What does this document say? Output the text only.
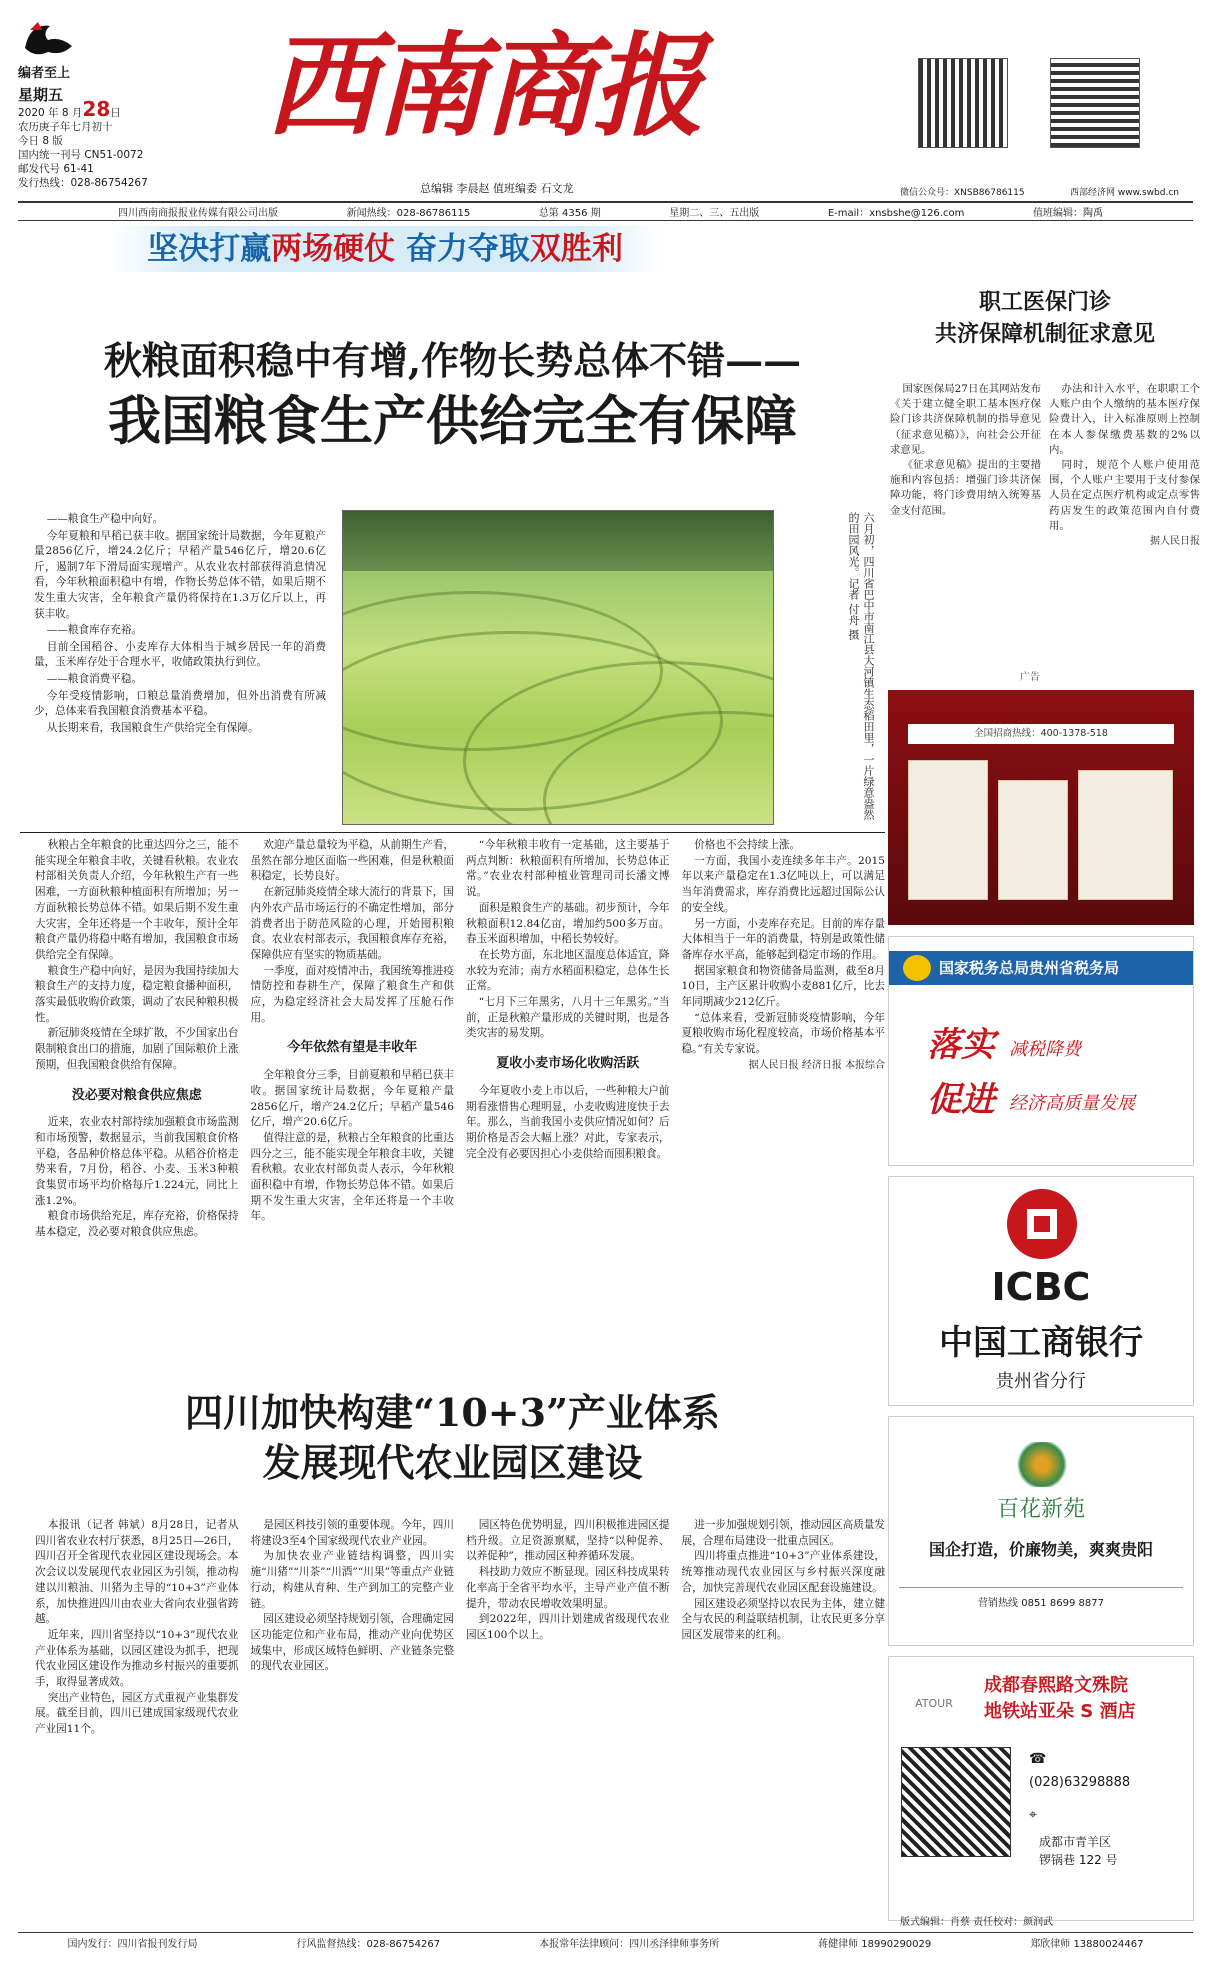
编者至上
星期五
2020 年 8 月28日
农历庚子年七月初十
今日 8 版
国内统一刊号 CN51-0072
邮发代号 61-41
发行热线：028-86754267
西南商报
总编辑 李晨赵 值班编委 石文龙	微信公众号：XNSB86786115	西部经济网 www.swbd.cn
四川西南商报报业传媒有限公司出版	新闻热线：028-86786115	总第 4356 期	星期二、三、五出版	E-mail：xnsbshe@126.com	值班编辑：陶禹
坚决打赢两场硬仗 奋力夺取双胜利
秋粮面积稳中有增,作物长势总体不错——
我国粮食生产供给完全有保障

——粮食生产稳中向好。

今年夏粮和早稻已获丰收。据国家统计局数据，今年夏粮产量2856亿斤，增24.2亿斤；早稻产量546亿斤，增20.6亿斤，遏制7年下滑局面实现增产。从农业农村部获得消息情况看，今年秋粮面积稳中有增，作物长势总体不错，如果后期不发生重大灾害，全年粮食产量仍将保持在1.3万亿斤以上，再获丰收。

——粮食库存充裕。

目前全国稻谷、小麦库存大体相当于城乡居民一年的消费量，玉米库存处于合理水平，收储政策执行到位。

——粮食消费平稳。

今年受疫情影响，口粮总量消费增加，但外出消费有所减少，总体来看我国粮食消费基本平稳。

从长期来看，我国粮食生产供给完全有保障。	六月初，四川省巴中市南江县大河镇生态稻田里，一片绿意盎然的田园风光。记者 付舟 摄

秋粮占全年粮食的比重达四分之三，能不能实现全年粮食丰收，关键看秋粮。农业农村部相关负责人介绍，今年秋粮生产有一些困难，一方面秋粮种植面积有所增加；另一方面秋粮长势总体不错。如果后期不发生重大灾害，全年还将是一个丰收年，预计全年粮食产量仍将稳中略有增加，我国粮食市场供给完全有保障。

粮食生产稳中向好，是因为我国持续加大粮食生产的支持力度，稳定粮食播种面积，落实最低收购价政策，调动了农民种粮积极性。

新冠肺炎疫情在全球扩散，不少国家出台限制粮食出口的措施，加剧了国际粮价上涨预期，但我国粮食供给有保障。

没必要对粮食供应焦虑

近来，农业农村部持续加强粮食市场监测和市场预警，数据显示，当前我国粮食价格平稳，各品种价格总体平稳。从稻谷价格走势来看，7月份，稻谷、小麦、玉米3种粮食集贸市场平均价格每斤1.224元，同比上涨1.2%。

粮食市场供给充足，库存充裕，价格保持基本稳定，没必要对粮食供应焦虑。

欢迎产量总量较为平稳，从前期生产看，虽然在部分地区面临一些困难，但是秋粮面积稳定，长势良好。

在新冠肺炎疫情全球大流行的背景下，国内外农产品市场运行的不确定性增加，部分消费者出于防范风险的心理，开始囤积粮食。农业农村部表示，我国粮食库存充裕，保障供应有坚实的物质基础。

一季度，面对疫情冲击，我国统筹推进疫情防控和春耕生产，保障了粮食生产和供应，为稳定经济社会大局发挥了压舱石作用。

今年依然有望是丰收年

全年粮食分三季，目前夏粮和早稻已获丰收。据国家统计局数据，今年夏粮产量2856亿斤，增产24.2亿斤；早稻产量546亿斤，增产20.6亿斤。

值得注意的是，秋粮占全年粮食的比重达四分之三，能不能实现全年粮食丰收，关键看秋粮。农业农村部负责人表示，今年秋粮面积稳中有增，作物长势总体不错。如果后期不发生重大灾害，全年还将是一个丰收年。

“今年秋粮丰收有一定基础，这主要基于两点判断：秋粮面积有所增加，长势总体正常。”农业农村部种植业管理司司长潘文博说。

面积是粮食生产的基础。初步预计，今年秋粮面积12.84亿亩，增加约500多万亩。春玉米面积增加，中稻长势较好。

在长势方面，东北地区温度总体适宜，降水较为充沛；南方水稻面积稳定，总体生长正常。

“七月下三年黑劣，八月十三年黑劣。”当前，正是秋粮产量形成的关键时期，也是各类灾害的易发期。

夏收小麦市场化收购活跃

今年夏收小麦上市以后，一些种粮大户前期看涨惜售心理明显，小麦收购进度快于去年。那么，当前我国小麦供应情况如何？后期价格是否会大幅上涨？对此，专家表示，完全没有必要因担心小麦供给而囤积粮食。

价格也不会持续上涨。

一方面，我国小麦连续多年丰产。2015年以来产量稳定在1.3亿吨以上，可以满足当年消费需求，库存消费比远超过国际公认的安全线。

另一方面，小麦库存充足。目前的库存量大体相当于一年的消费量，特别是政策性储备库存水平高，能够起到稳定市场的作用。

据国家粮食和物资储备局监测，截至8月10日，主产区累计收购小麦881亿斤，比去年同期减少212亿斤。

“总体来看，受新冠肺炎疫情影响，今年夏粮收购市场化程度较高，市场价格基本平稳。”有关专家说。

据人民日报 经济日报 本报综合

四川加快构建“10+3”产业体系
发展现代农业园区建设

本报讯（记者 韩斌）8月28日，记者从四川省农业农村厅获悉，8月25日—26日，四川召开全省现代农业园区建设现场会。本次会议以发展现代农业园区为引领，推动构建以川粮油、川猪为主导的“10+3”产业体系，加快推进四川由农业大省向农业强省跨越。

近年来，四川省坚持以“10+3”现代农业产业体系为基础，以园区建设为抓手，把现代农业园区建设作为推动乡村振兴的重要抓手，取得显著成效。

突出产业特色，园区方式重视产业集群发展。截至目前，四川已建成国家级现代农业产业园11个。

是园区科技引领的重要体现。今年，四川将建设3至4个国家级现代农业产业园。

为加快农业产业链结构调整，四川实施“川猪”“川茶”“川酒”“川果”等重点产业链行动，构建从育种、生产到加工的完整产业链。

园区建设必须坚持规划引领，合理确定园区功能定位和产业布局，推动产业向优势区域集中，形成区域特色鲜明、产业链条完整的现代农业园区。

园区特色优势明显，四川积极推进园区提档升级。立足资源禀赋，坚持“以种促养、以养促种”，推动园区种养循环发展。

科技助力效应不断显现。园区科技成果转化率高于全省平均水平，主导产业产值不断提升，带动农民增收效果明显。

到2022年，四川计划建成省级现代农业园区100个以上。

进一步加强规划引领，推动园区高质量发展，合理布局建设一批重点园区。

四川将重点推进“10+3”产业体系建设，统筹推动现代农业园区与乡村振兴深度融合，加快完善现代农业园区配套设施建设。

园区建设必须坚持以农民为主体，建立健全与农民的利益联结机制，让农民更多分享园区发展带来的红利。

职工医保门诊
共济保障机制征求意见

国家医保局27日在其网站发布《关于建立健全职工基本医疗保险门诊共济保障机制的指导意见（征求意见稿）》，向社会公开征求意见。

《征求意见稿》提出的主要措施和内容包括：增强门诊共济保障功能，将门诊费用纳入统筹基金支付范围。

办法和计入水平，在职职工个人账户由个人缴纳的基本医疗保险费计入，计入标准原则上控制在本人参保缴费基数的2%以内。

同时，规范个人账户使用范围，个人账户主要用于支付参保人员在定点医疗机构或定点零售药店发生的政策范围内自付费用。

据人民日报

广告
全国招商热线：400-1378-518
国家税务总局贵州省税务局
落实 减税降费
促进 经济高质量发展
ICBC
中国工商银行
贵州省分行
百花新苑
国企打造，价廉物美，爽爽贵阳
营销热线 0851 8699 8877
ATOUR
成都春熙路文殊院
地铁站亚朵 S 酒店
☎
(028)63298888
⌖
成都市青羊区
锣锅巷 122 号
版式编辑：肖蔡 责任校对：颜润武
国内发行：四川省报刊发行局	行风监督热线：028-86754267	本报常年法律顾问：四川丞泽律师事务所	蒋健律师 18990290029	郑欣律师 13880024467
